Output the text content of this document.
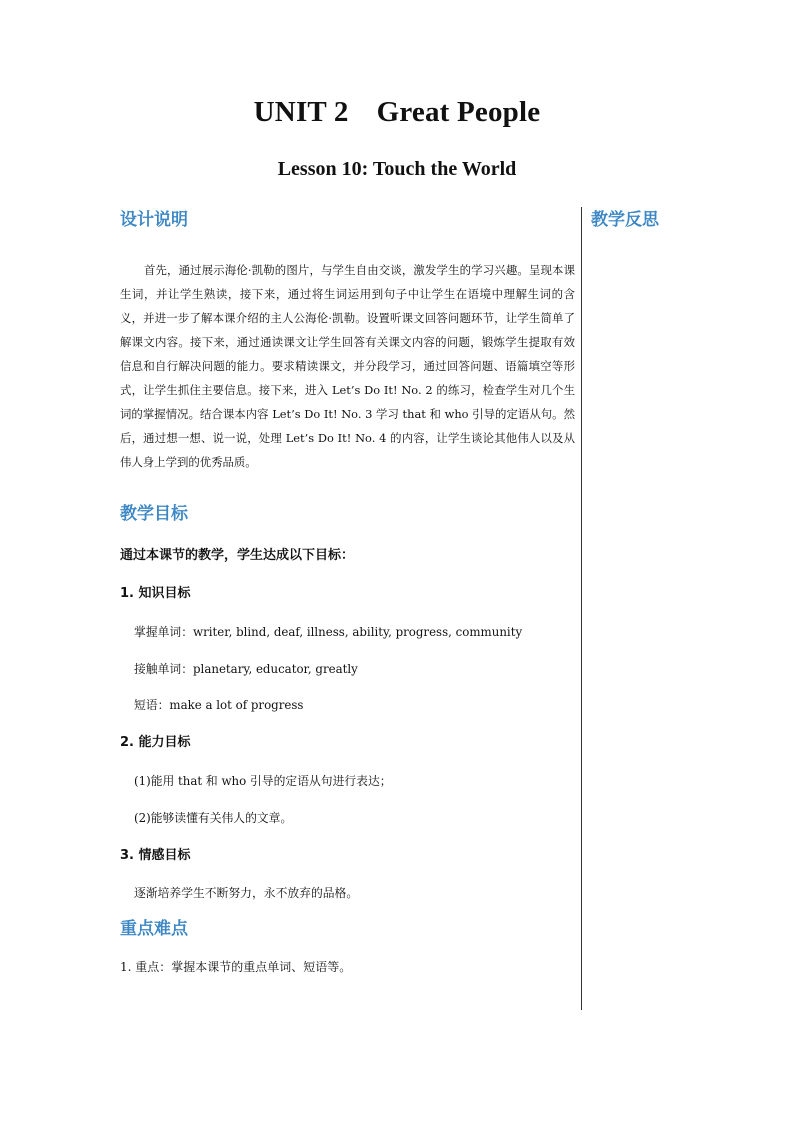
UNIT 2 Great People
Lesson 10: Touch the World
教学反思
设计说明

首先，通过展示海伦·凯勒的图片，与学生自由交谈，激发学生的学习兴趣。呈现本课生词，并让学生熟读，接下来，通过将生词运用到句子中让学生在语境中理解生词的含义，并进一步了解本课介绍的主人公海伦·凯勒。设置听课文回答问题环节，让学生简单了解课文内容。接下来，通过通读课文让学生回答有关课文内容的问题，锻炼学生提取有效信息和自行解决问题的能力。要求精读课文，并分段学习，通过回答问题、语篇填空等形式，让学生抓住主要信息。接下来，进入 Let’s Do It! No. 2 的练习，检查学生对几个生词的掌握情况。结合课本内容 Let’s Do It! No. 3 学习 that 和 who 引导的定语从句。然后，通过想一想、说一说，处理 Let’s Do It! No. 4 的内容，让学生谈论其他伟人以及从伟人身上学到的优秀品质。

教学目标

通过本课节的教学，学生达成以下目标：

1. 知识目标

掌握单词：writer, blind, deaf, illness, ability, progress, community

接触单词：planetary, educator, greatly

短语：make a lot of progress

2. 能力目标

(1)能用 that 和 who 引导的定语从句进行表达；

(2)能够读懂有关伟人的文章。

3. 情感目标

逐渐培养学生不断努力，永不放弃的品格。

重点难点

1. 重点：掌握本课节的重点单词、短语等。
